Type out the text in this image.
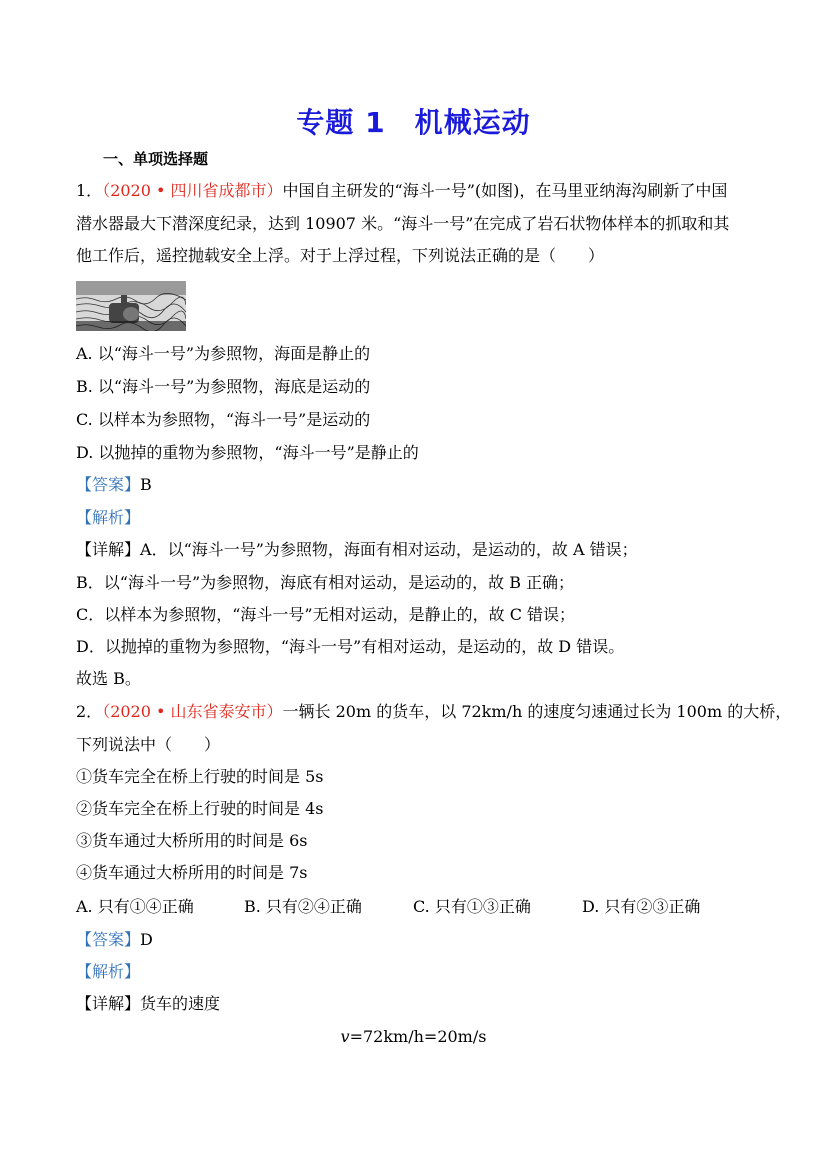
专题 1　机械运动
一、单项选择题
1．（2020 • 四川省成都市）中国自主研发的“海斗一号”(如图)，在马里亚纳海沟刷新了中国
潜水器最大下潜深度纪录，达到 10907 米。“海斗一号”在完成了岩石状物体样本的抓取和其
他工作后，遥控抛载安全上浮。对于上浮过程，下列说法正确的是（　　）
A. 以“海斗一号”为参照物，海面是静止的
B. 以“海斗一号”为参照物，海底是运动的
C. 以样本为参照物，“海斗一号”是运动的
D. 以抛掉的重物为参照物，“海斗一号”是静止的
【答案】B
【解析】
【详解】A．以“海斗一号”为参照物，海面有相对运动，是运动的，故 A 错误；
B．以“海斗一号”为参照物，海底有相对运动，是运动的，故 B 正确；
C．以样本为参照物，“海斗一号”无相对运动，是静止的，故 C 错误；
D．以抛掉的重物为参照物，“海斗一号”有相对运动，是运动的，故 D 错误。
故选 B。
2．（2020 • 山东省泰安市）一辆长 20m 的货车，以 72km/h 的速度匀速通过长为 100m 的大桥，
下列说法中（　　）
①货车完全在桥上行驶的时间是 5s
②货车完全在桥上行驶的时间是 4s
③货车通过大桥所用的时间是 6s
④货车通过大桥所用的时间是 7s
A. 只有①④正确	B. 只有②④正确	C. 只有①③正确	D. 只有②③正确
【答案】D
【解析】
【详解】货车的速度
v=72km/h=20m/s
